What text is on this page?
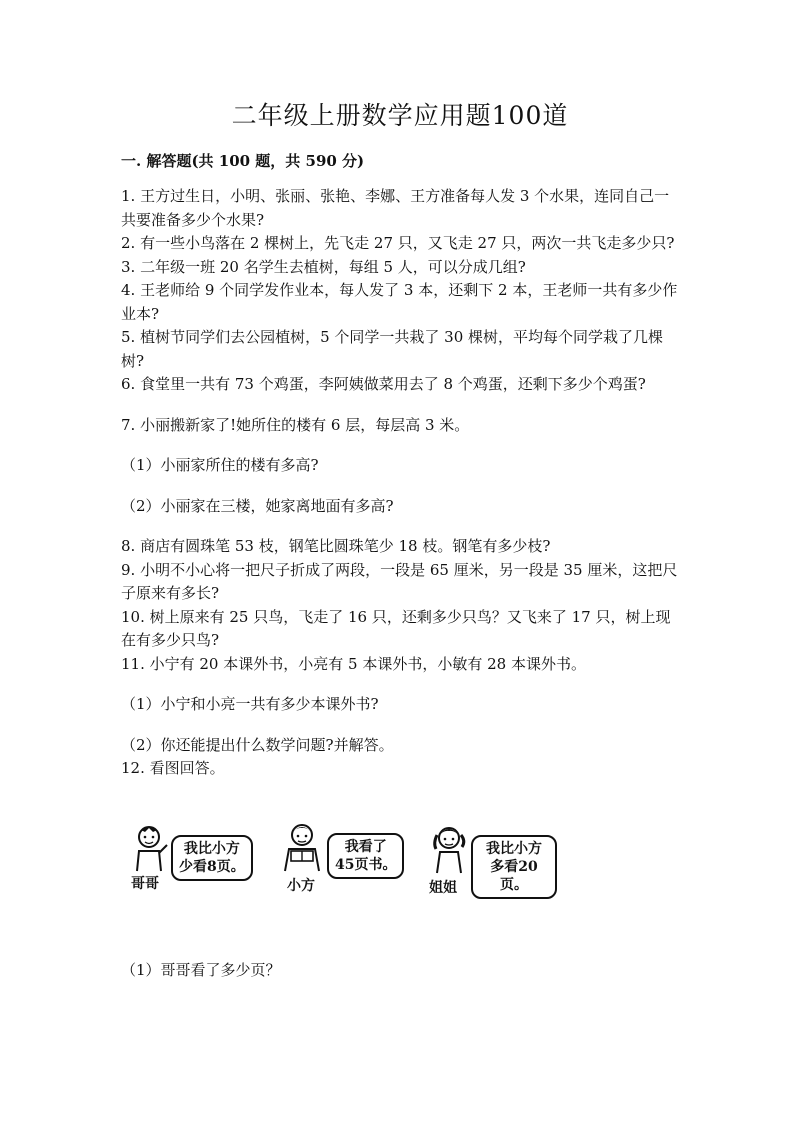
二年级上册数学应用题100道
一. 解答题(共 100 题，共 590 分)

1. 王方过生日，小明、张丽、张艳、李娜、王方准备每人发 3 个水果，连同自己一共要准备多少个水果?

2. 有一些小鸟落在 2 棵树上，先飞走 27 只，又飞走 27 只，两次一共飞走多少只?

3. 二年级一班 20 名学生去植树，每组 5 人，可以分成几组?

4. 王老师给 9 个同学发作业本，每人发了 3 本，还剩下 2 本，王老师一共有多少作业本?

5. 植树节同学们去公园植树，5 个同学一共栽了 30 棵树，平均每个同学栽了几棵树?

6. 食堂里一共有 73 个鸡蛋，李阿姨做菜用去了 8 个鸡蛋，还剩下多少个鸡蛋?

7. 小丽搬新家了!她所住的楼有 6 层，每层高 3 米。

（1）小丽家所住的楼有多高?

（2）小丽家在三楼，她家离地面有多高?

8. 商店有圆珠笔 53 枝，钢笔比圆珠笔少 18 枝。钢笔有多少枝?

9. 小明不小心将一把尺子折成了两段，一段是 65 厘米，另一段是 35 厘米，这把尺子原来有多长?

10. 树上原来有 25 只鸟，飞走了 16 只，还剩多少只鸟？又飞来了 17 只，树上现在有多少只鸟?

11. 小宁有 20 本课外书，小亮有 5 本课外书，小敏有 28 本课外书。

（1）小宁和小亮一共有多少本课外书?

（2）你还能提出什么数学问题?并解答。

12. 看图回答。

哥哥
我比小方
少看8页。
小方
我看了
45页书。
姐姐
我比小方
多看20页。

（1）哥哥看了多少页？
